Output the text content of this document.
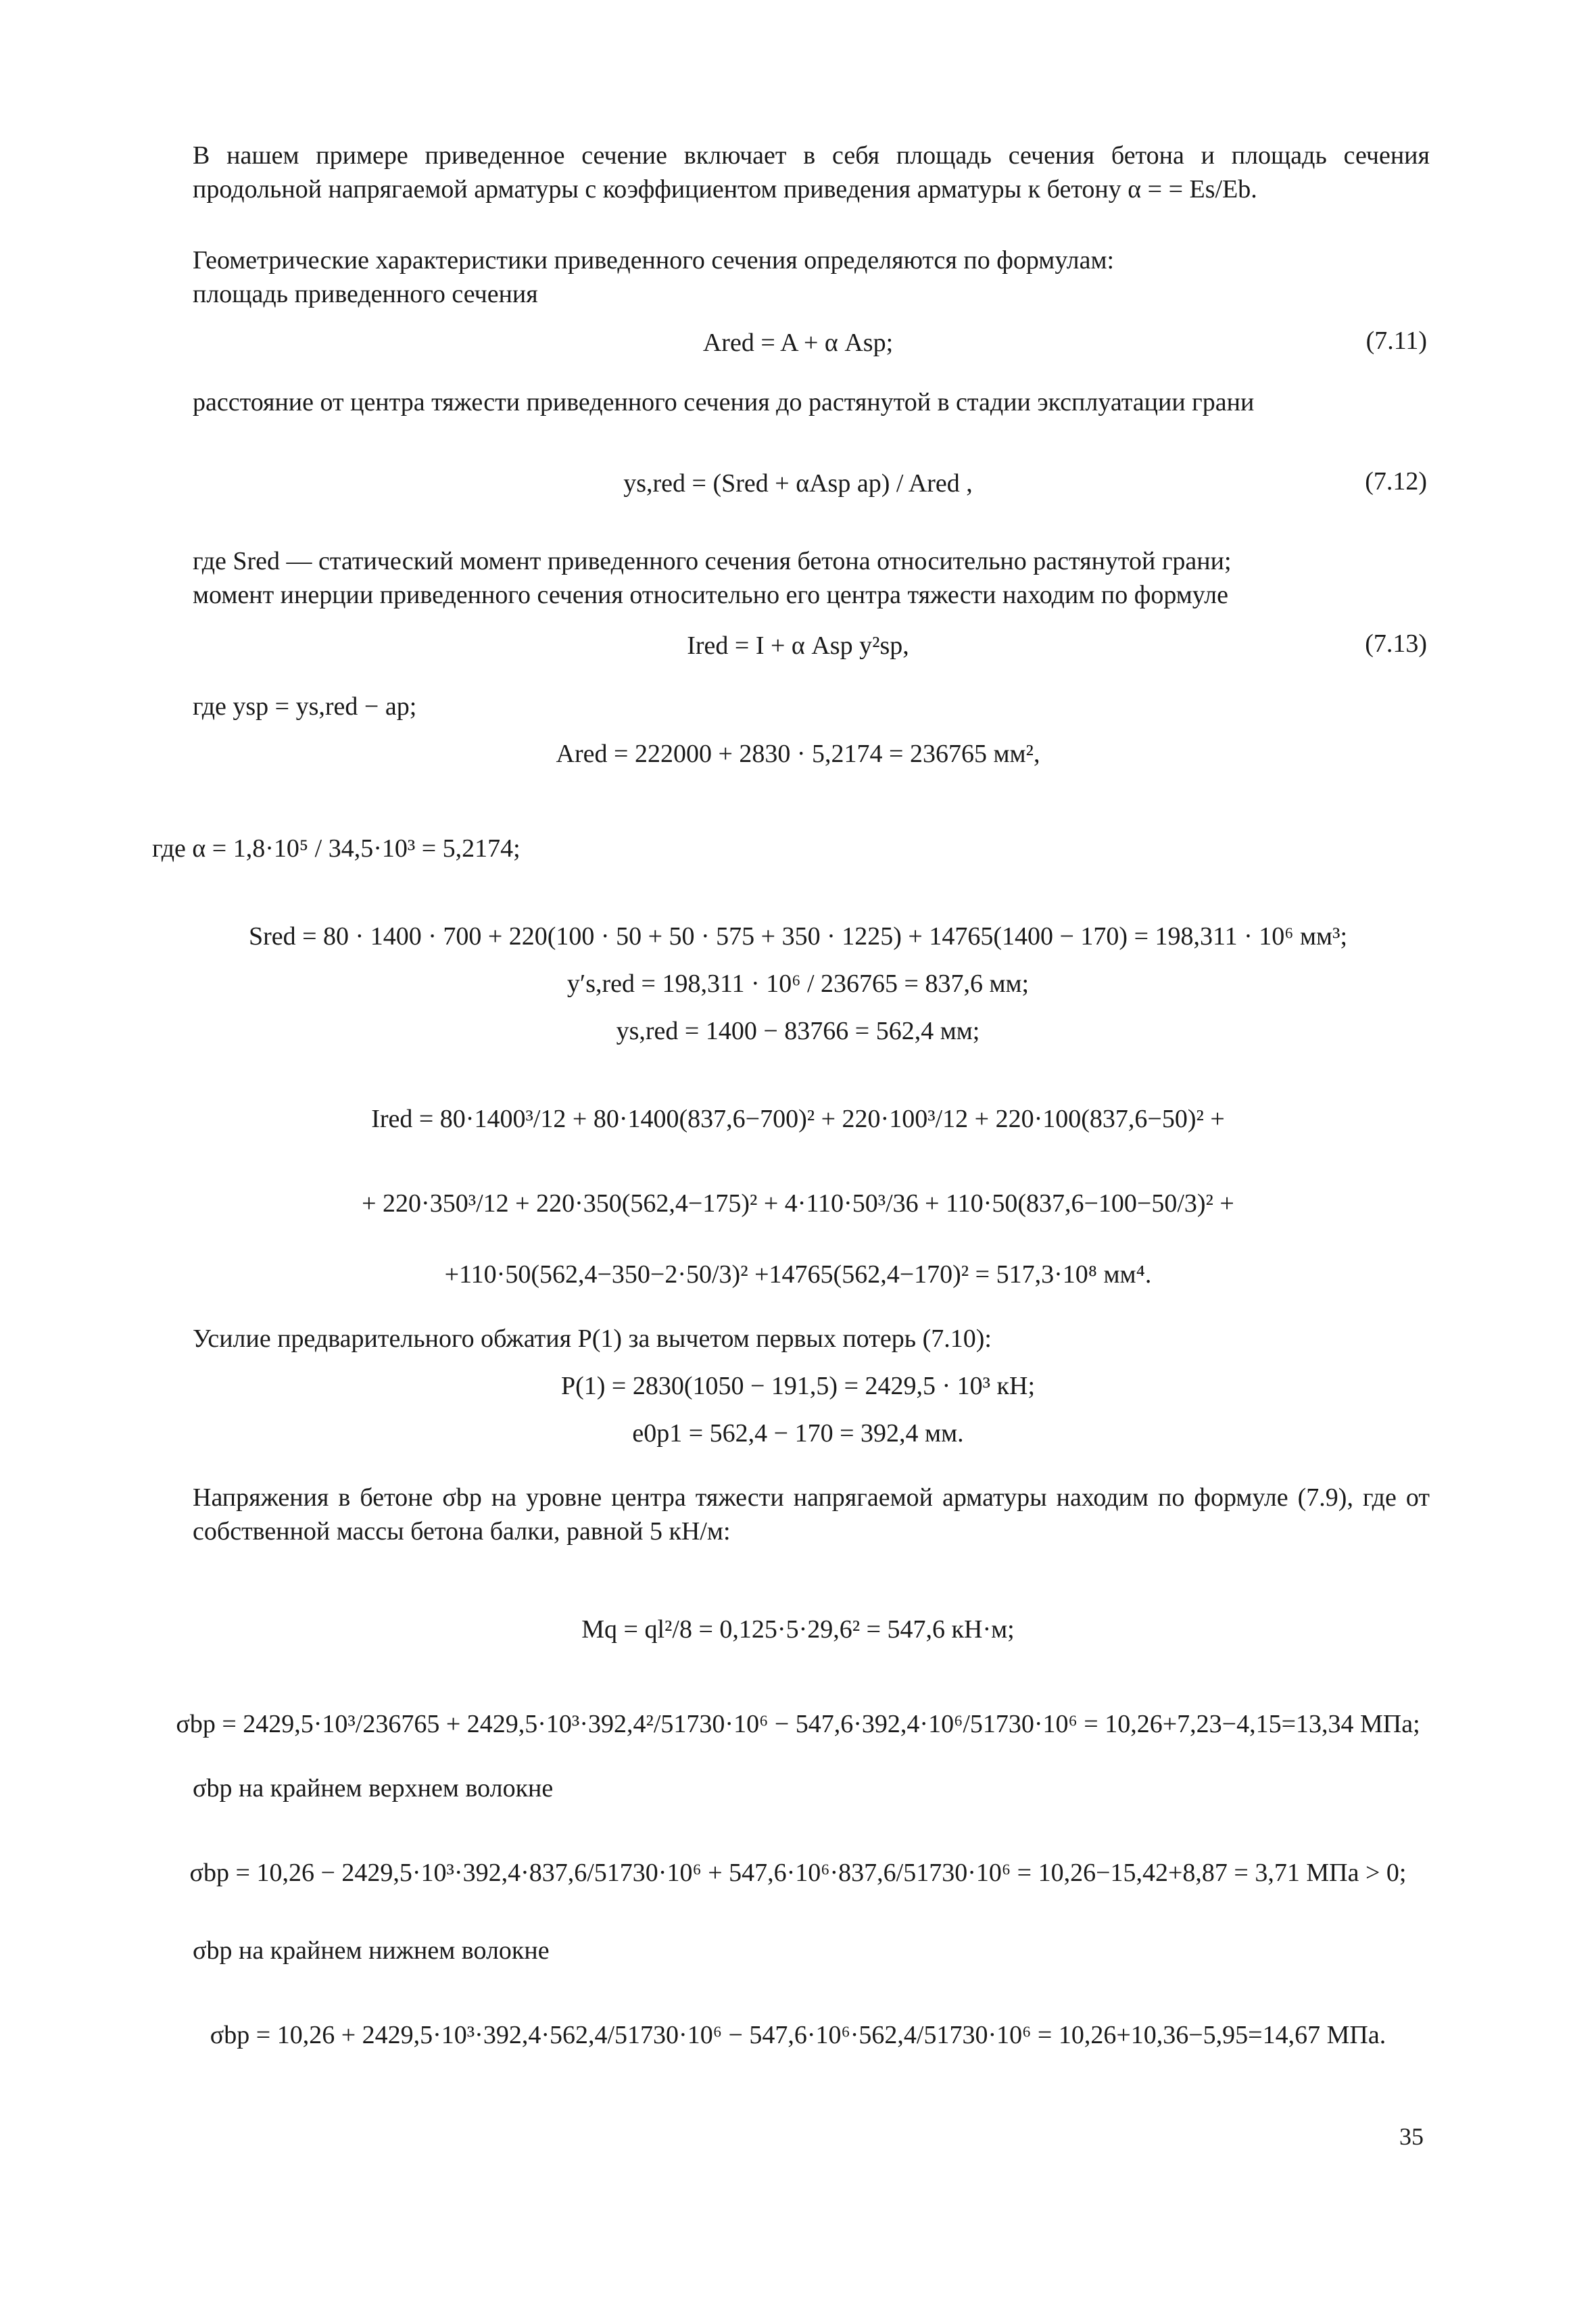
В нашем примере приведенное сечение включает в себя площадь сечения бетона и площадь сечения продольной напрягаемой арматуры с коэффициентом приведения арматуры к бетону α = = Es/Eb.

Геометрические характеристики приведенного сечения определяются по формулам:

площадь приведенного сечения

Ared = A + α Asp;	(7.11)

расстояние от центра тяжести приведенного сечения до растянутой в стадии эксплуатации грани

ys,red = (Sred + αAsp ap) / Ared ,	(7.12)

где Sred — статический момент приведенного сечения бетона относительно растянутой грани;

момент инерции приведенного сечения относительно его центра тяжести находим по формуле

Ired = I + α Asp y²sp,	(7.13)

где ysp = ys,red − ap;

Ared = 222000 + 2830 · 5,2174 = 236765 мм²,
где α = 1,8·10⁵ / 34,5·10³ = 5,2174;
Sred = 80 · 1400 · 700 + 220(100 · 50 + 50 · 575 + 350 · 1225) + 14765(1400 − 170) = 198,311 · 10⁶ мм³;
y′s,red = 198,311 · 10⁶ / 236765 = 837,6 мм;
ys,red = 1400 − 83766 = 562,4 мм;
Ired = 80·1400³/12 + 80·1400(837,6−700)² + 220·100³/12 + 220·100(837,6−50)² +
+ 220·350³/12 + 220·350(562,4−175)² + 4·110·50³/36 + 110·50(837,6−100−50/3)² +
+110·50(562,4−350−2·50/3)² +14765(562,4−170)² = 517,3·10⁸ мм⁴.

Усилие предварительного обжатия P(1) за вычетом первых потерь (7.10):

P(1) = 2830(1050 − 191,5) = 2429,5 · 10³ кН;
e0p1 = 562,4 − 170 = 392,4 мм.

Напряжения в бетоне σbp на уровне центра тяжести напрягаемой арматуры находим по формуле (7.9), где от собственной массы бетона балки, равной 5 кН/м:

Mq = ql²/8 = 0,125·5·29,6² = 547,6 кН·м;
σbp = 2429,5·10³/236765 + 2429,5·10³·392,4²/51730·10⁶ − 547,6·392,4·10⁶/51730·10⁶ = 10,26+7,23−4,15=13,34 МПа;

σbp на крайнем верхнем волокне

σbp = 10,26 − 2429,5·10³·392,4·837,6/51730·10⁶ + 547,6·10⁶·837,6/51730·10⁶ = 10,26−15,42+8,87 = 3,71 МПа > 0;

σbp на крайнем нижнем волокне

σbp = 10,26 + 2429,5·10³·392,4·562,4/51730·10⁶ − 547,6·10⁶·562,4/51730·10⁶ = 10,26+10,36−5,95=14,67 МПа.
35
